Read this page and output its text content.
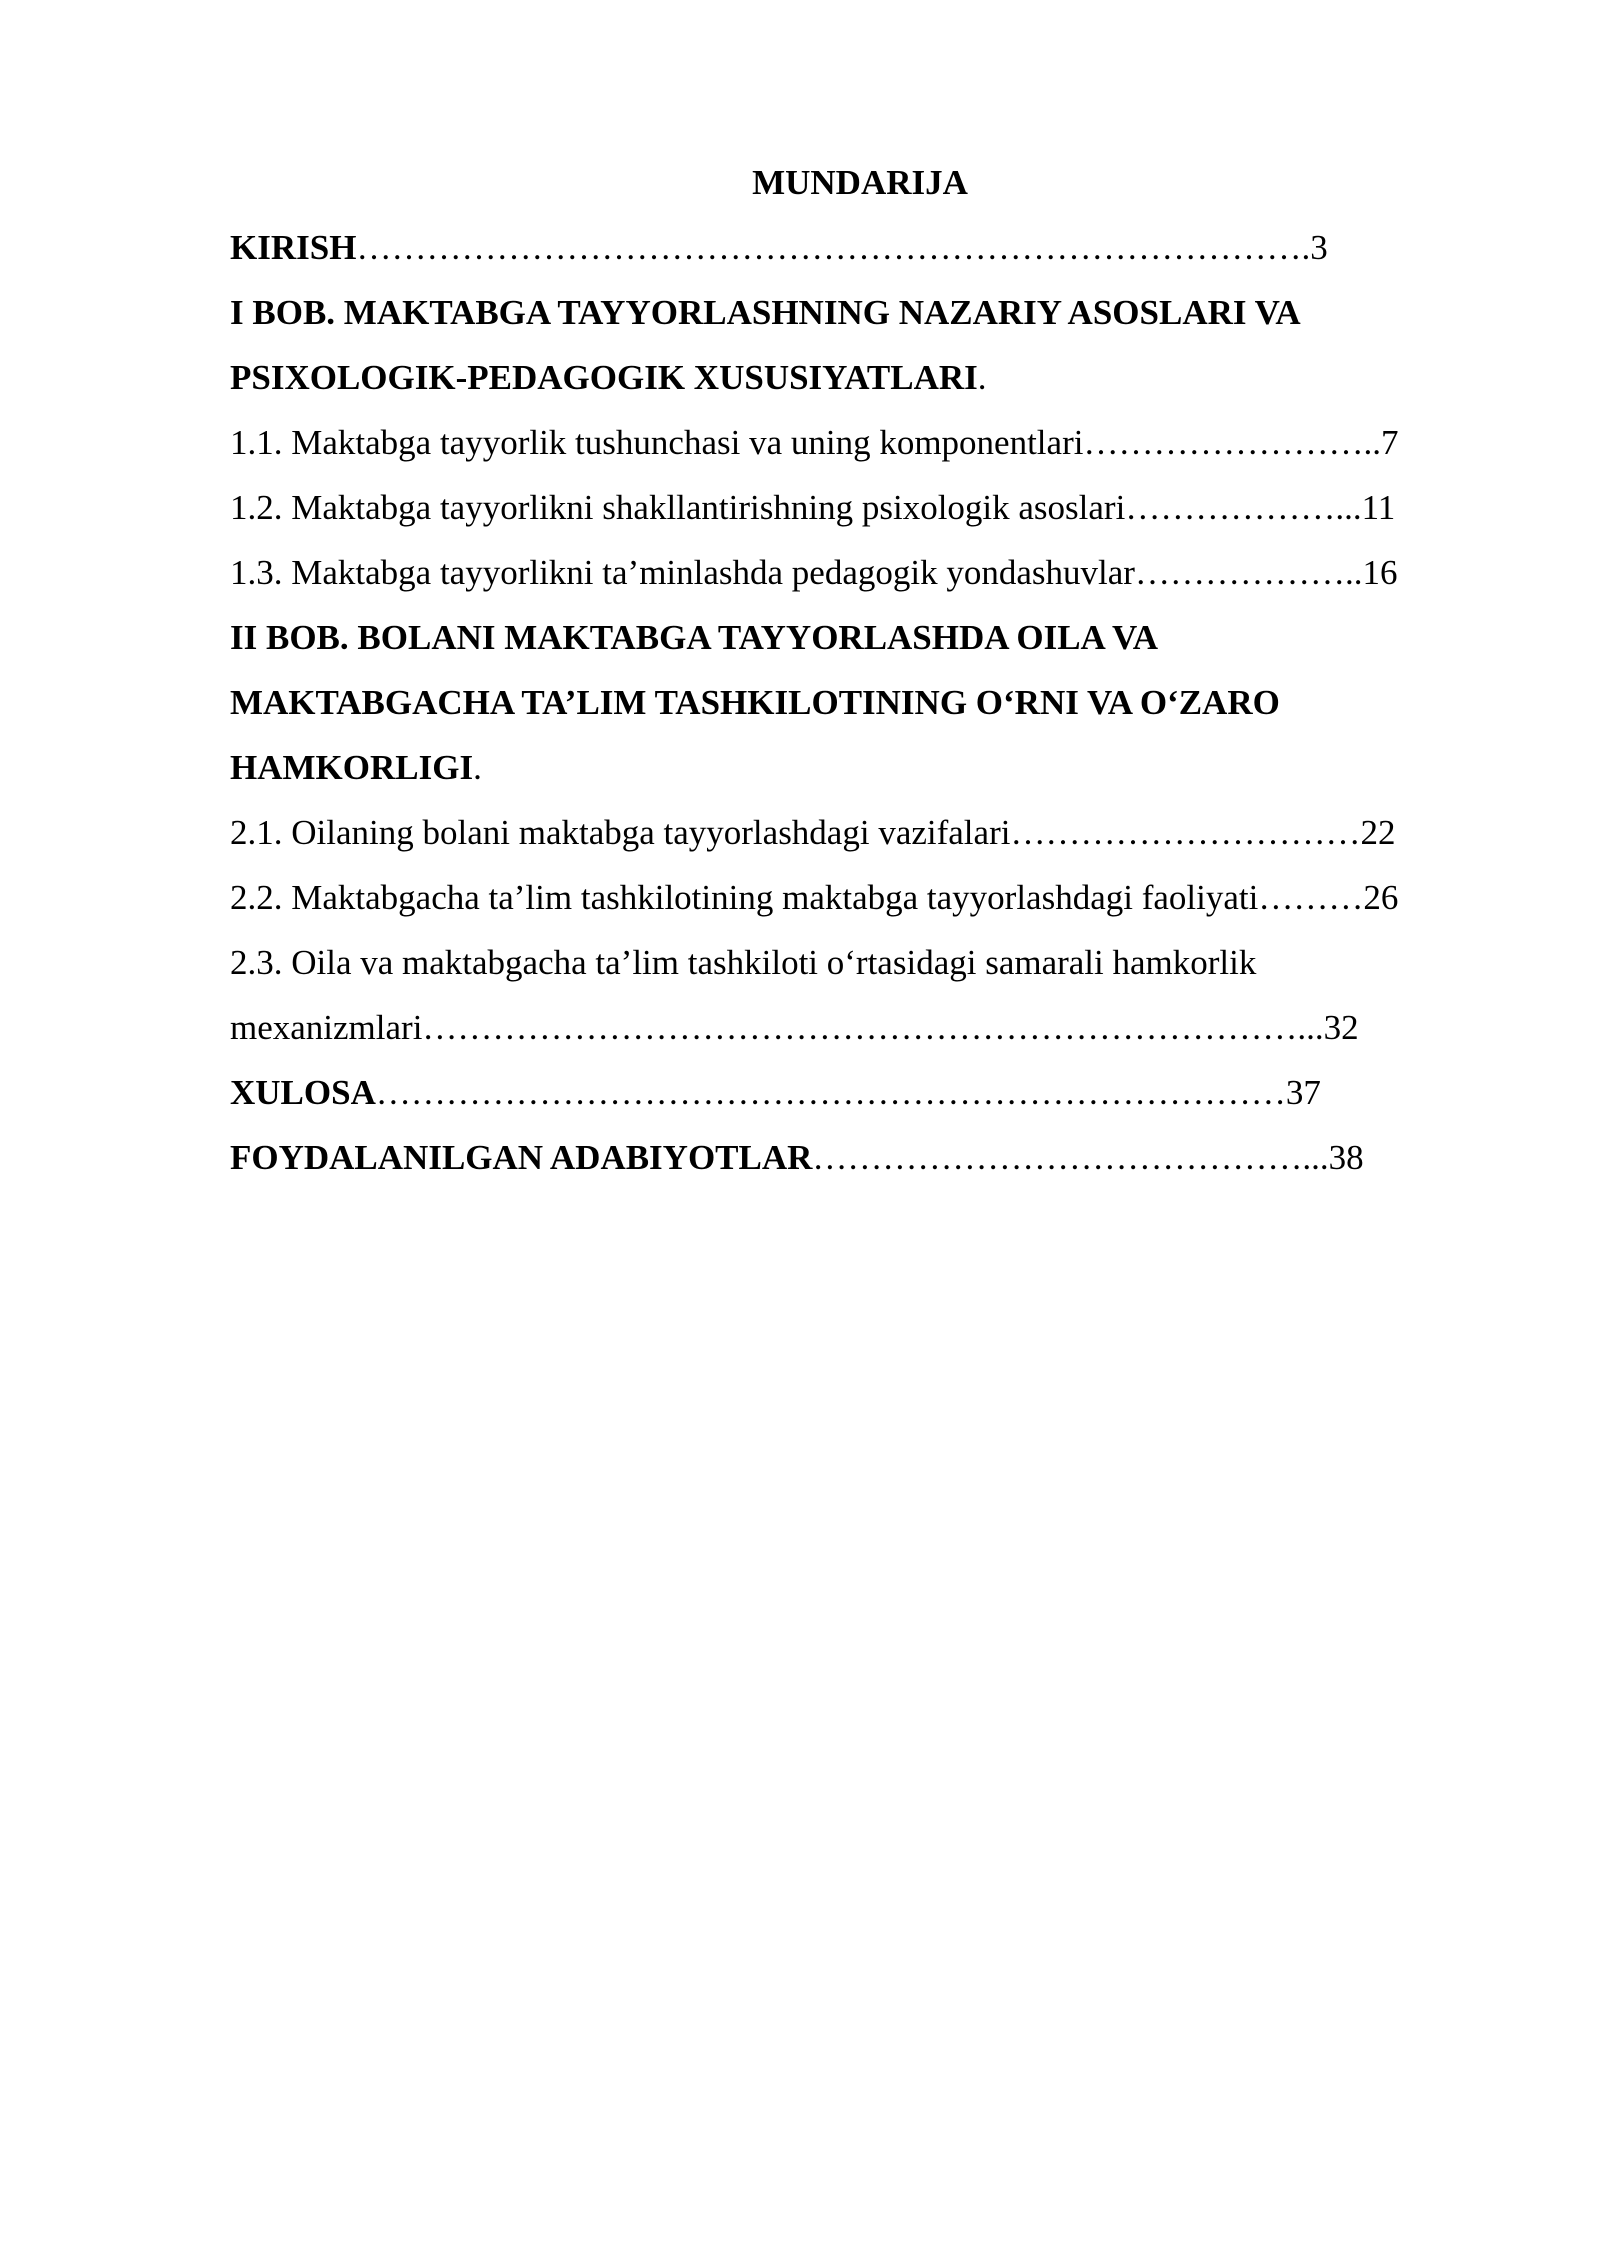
MUNDARIJA
KIRISH……………………………………………………………………….3
I BOB. MAKTABGA TAYYORLASHNING NAZARIY ASOSLARI VA
PSIXOLOGIK-PEDAGOGIK XUSUSIYATLARI.
1.1. Maktabga tayyorlik tushunchasi va uning komponentlari……………………..7
1.2. Maktabga tayyorlikni shakllantirishning psixologik asoslari………………...11
1.3. Maktabga tayyorlikni ta’minlashda pedagogik yondashuvlar………………..16
II BOB. BOLANI MAKTABGA TAYYORLASHDA OILA VA
MAKTABGACHA TA’LIM TASHKILOTINING O‘RNI VA O‘ZARO
HAMKORLIGI.
2.1. Oilaning bolani maktabga tayyorlashdagi vazifalari…………………………22
2.2. Maktabgacha ta’lim tashkilotining maktabga tayyorlashdagi faoliyati………26
2.3. Oila va maktabgacha ta’lim tashkiloti o‘rtasidagi samarali hamkorlik
mexanizmlari…………………………………………………………………...32
XULOSA……………………………………………………………………37
FOYDALANILGAN ADABIYOTLAR……………………………………...38
